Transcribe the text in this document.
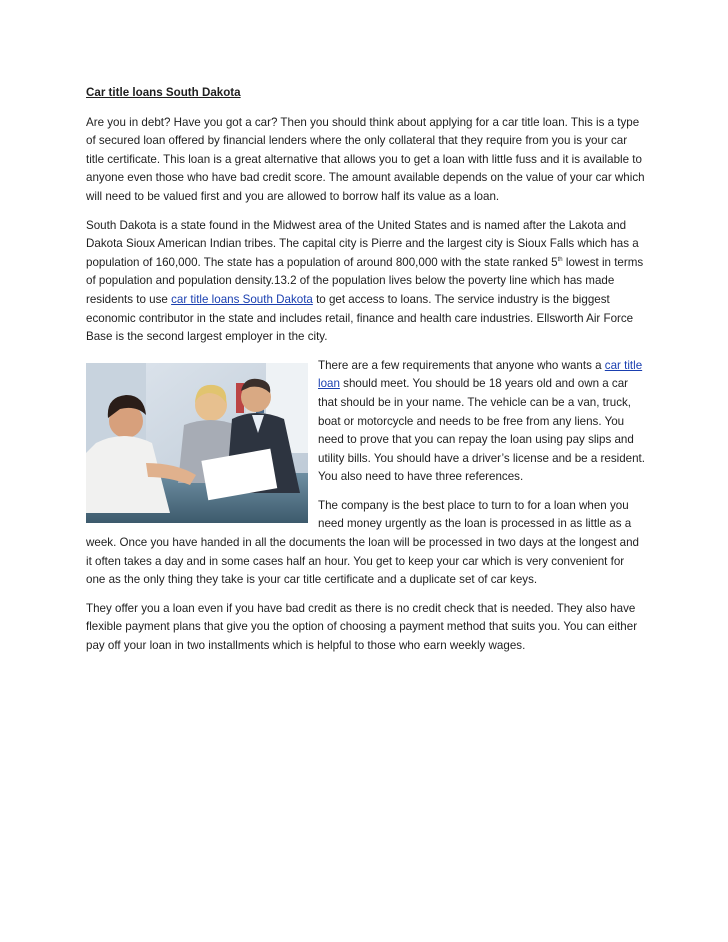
Car title loans South Dakota

Are you in debt? Have you got a car? Then you should think about applying for a car title loan. This is a type of secured loan offered by financial lenders where the only collateral that they require from you is your car title certificate. This loan is a great alternative that allows you to get a loan with little fuss and it is available to anyone even those who have bad credit score. The amount available depends on the value of your car which will need to be valued first and you are allowed to borrow half its value as a loan.

South Dakota is a state found in the Midwest area of the United States and is named after the Lakota and Dakota Sioux American Indian tribes. The capital city is Pierre and the largest city is Sioux Falls which has a population of 160,000. The state has a population of around 800,000 with the state ranked 5th lowest in terms of population and population density.13.2 of the population lives below the poverty line which has made residents to use car title loans South Dakota to get access to loans. The service industry is the biggest economic contributor in the state and includes retail, finance and health care industries. Ellsworth Air Force Base is the second largest employer in the city.

There are a few requirements that anyone who wants a car title loan should meet. You should be 18 years old and own a car that should be in your name. The vehicle can be a van, truck, boat or motorcycle and needs to be free from any liens. You need to prove that you can repay the loan using pay slips and utility bills. You should have a driver’s license and be a resident. You also need to have three references.

The company is the best place to turn to for a loan when you need money urgently as the loan is processed in as little as a week. Once you have handed in all the documents the loan will be processed in two days at the longest and it often takes a day and in some cases half an hour. You get to keep your car which is very convenient for one as the only thing they take is your car title certificate and a duplicate set of car keys.

They offer you a loan even if you have bad credit as there is no credit check that is needed. They also have flexible payment plans that give you the option of choosing a payment method that suits you. You can either pay off your loan in two installments which is helpful to those who earn weekly wages.
